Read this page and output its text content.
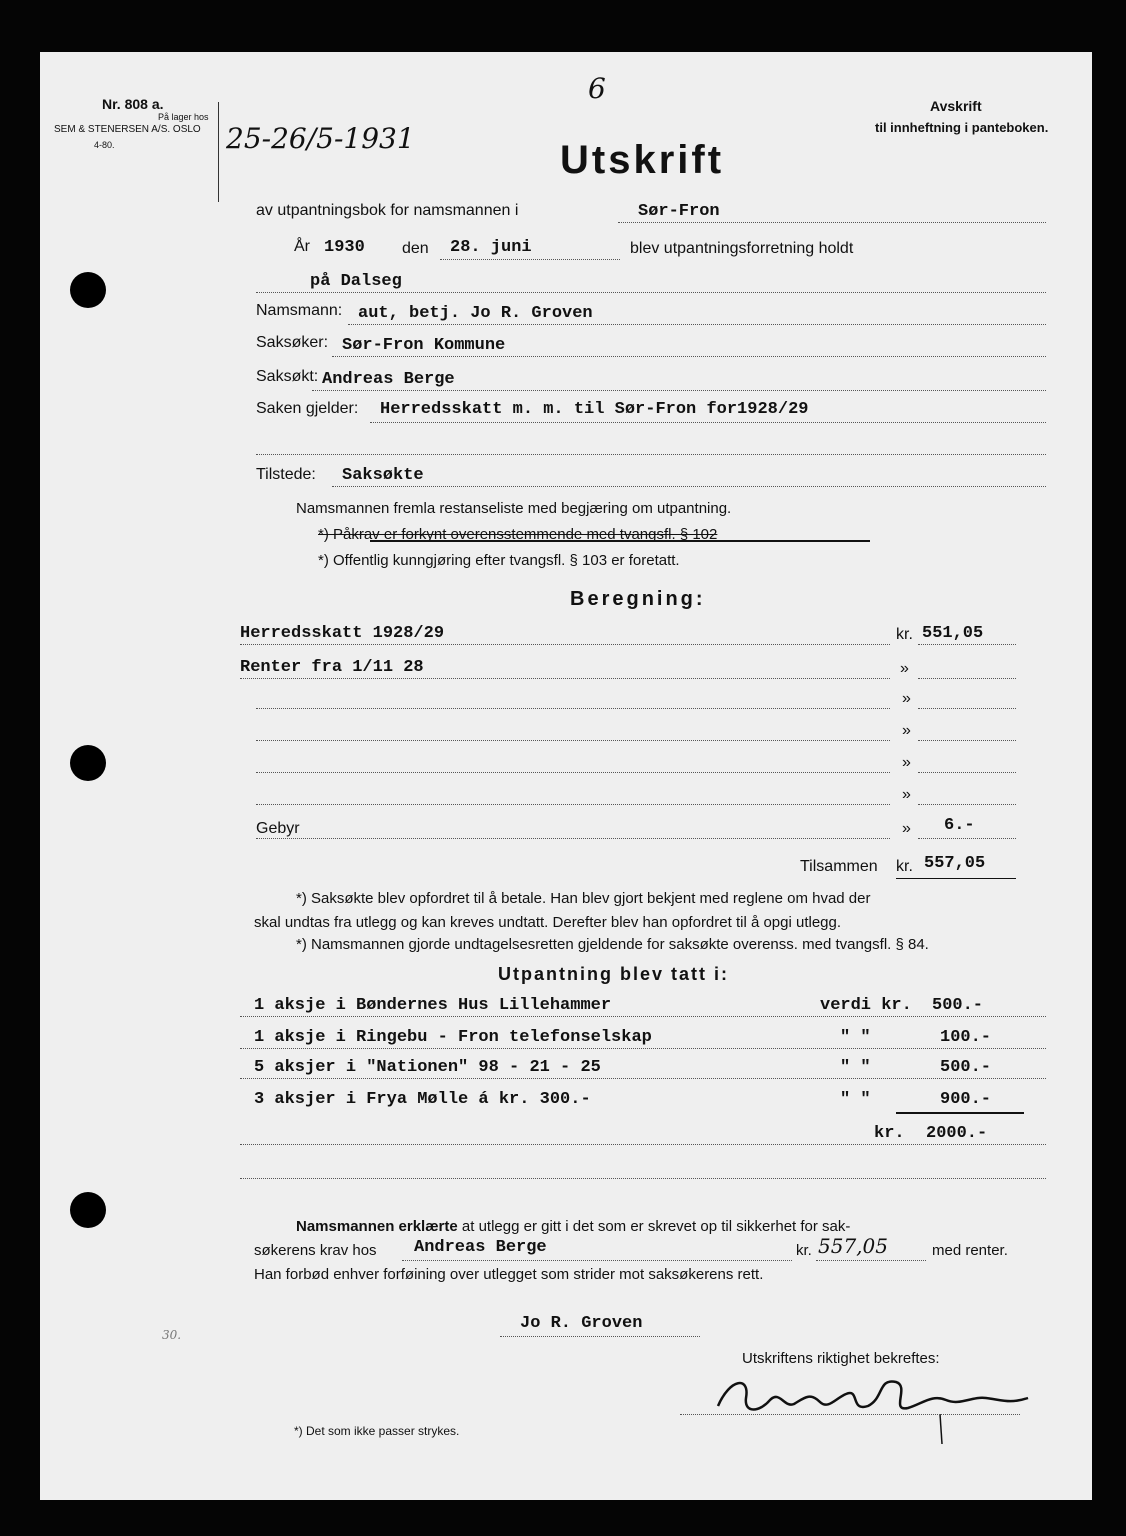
Nr. 808 a.
På lager hos
SEM & STENERSEN A/S. OSLO
4-80.
6
25-26/5-1931
Avskrift
til innheftning i panteboken.
Utskrift
av utpantningsbok for namsmannen i	Sør-Fron
År 1930 den 28. juni	blev utpantningsforretning holdt
på Dalseg
Namsmann: aut, betj. Jo R. Groven
Saksøker: Sør-Fron Kommune
Saksøkt: Andreas Berge
Saken gjelder: Herredsskatt m. m. til Sør-Fron for1928/29
Tilstede: Saksøkte
Namsmannen fremla restanseliste med begjæring om utpantning.
*) Påkrav er forkynt overensstemmende med tvangsfl. § 102
*) Offentlig kunngjøring efter tvangsfl. § 103 er foretatt.
Beregning:
Herredsskatt 1928/29	kr. 551,05
Renter fra 1/11 28	»
»
»
»
»
Gebyr	» 6.-
Tilsammen kr. 557,05
*) Saksøkte blev opfordret til å betale. Han blev gjort bekjent med reglene om hvad der
skal undtas fra utlegg og kan kreves undtatt. Derefter blev han opfordret til å opgi utlegg.
*) Namsmannen gjorde undtagelsesretten gjeldende for saksøkte overenss. med tvangsfl. § 84.
Utpantning blev tatt i:
1 aksje i Bøndernes Hus Lillehammer	verdi kr. 500.-
1 aksje i Ringebu - Fron telefonselskap	" "	100.-
5 aksjer i "Nationen" 98 - 21 - 25	" "	500.-
3 aksjer i Frya Mølle á kr. 300.-	" "	900.-
kr. 2000.-
Namsmannen erklærte at utlegg er gitt i det som er skrevet op til sikkerhet for sak-
søkerens krav hos Andreas Berge	kr. 557,05	med renter.
Han forbød enhver forføining over utlegget som strider mot saksøkerens rett.
Jo R. Groven
Utskriftens riktighet bekreftes:
*) Det som ikke passer strykes.
30.
